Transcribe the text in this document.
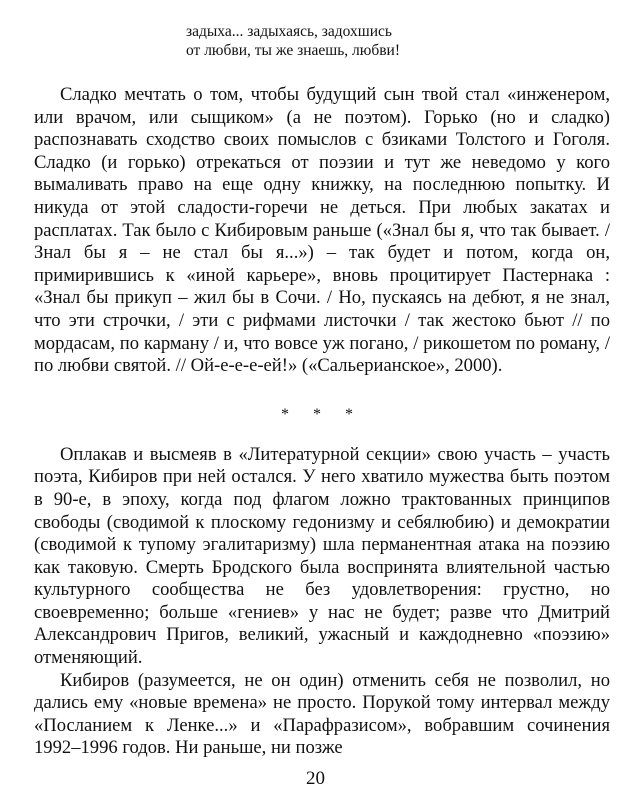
задыха... задыхаясь, задохшись
от любви, ты же знаешь, любви!

Сладко мечтать о том, чтобы будущий сын твой стал «инженером, или врачом, или сыщиком» (а не поэтом). Горько (но и сладко) распознавать сходство своих помыслов с бзиками Толстого и Гоголя. Сладко (и горько) отрекаться от поэзии и тут же неведомо у кого вымаливать право на еще одну книжку, на последнюю попытку. И никуда от этой сладости-горечи не деться. При любых закатах и расплатах. Так было с Кибировым раньше («Знал бы я, что так бывает. / Знал бы я – не стал бы я...») – так будет и потом, когда он, примирившись к «иной карьере», вновь процитирует Пастернака : «Знал бы прикуп – жил бы в Сочи. / Но, пускаясь на дебют, я не знал, что эти строчки, / эти с рифмами листочки / так жестоко бьют // по мордасам, по карману / и, что вовсе уж погано, / рикошетом по роману, / по любви святой. // Ой-е-е-е-ей!» («Сальерианское», 2000).

* * *

Оплакав и высмеяв в «Литературной секции» свою участь – участь поэта, Кибиров при ней остался. У него хватило мужества быть поэтом в 90-е, в эпоху, когда под флагом ложно трактованных принципов свободы (сводимой к плоскому гедонизму и себялюбию) и демократии (сводимой к тупому эгалитаризму) шла перманентная атака на поэзию как таковую. Смерть Бродского была воспринята влиятельной частью культурного сообщества не без удовлетворения: грустно, но своевременно; больше «гениев» у нас не будет; разве что Дмитрий Александрович Пригов, великий, ужасный и каждодневно «поэзию» отменяющий.

Кибиров (разумеется, не он один) отменить себя не позволил, но дались ему «новые времена» не просто. Порукой тому интервал между «Посланием к Ленке...» и «Парафразисом», вобравшим сочинения 1992–1996 годов. Ни раньше, ни позже

20
